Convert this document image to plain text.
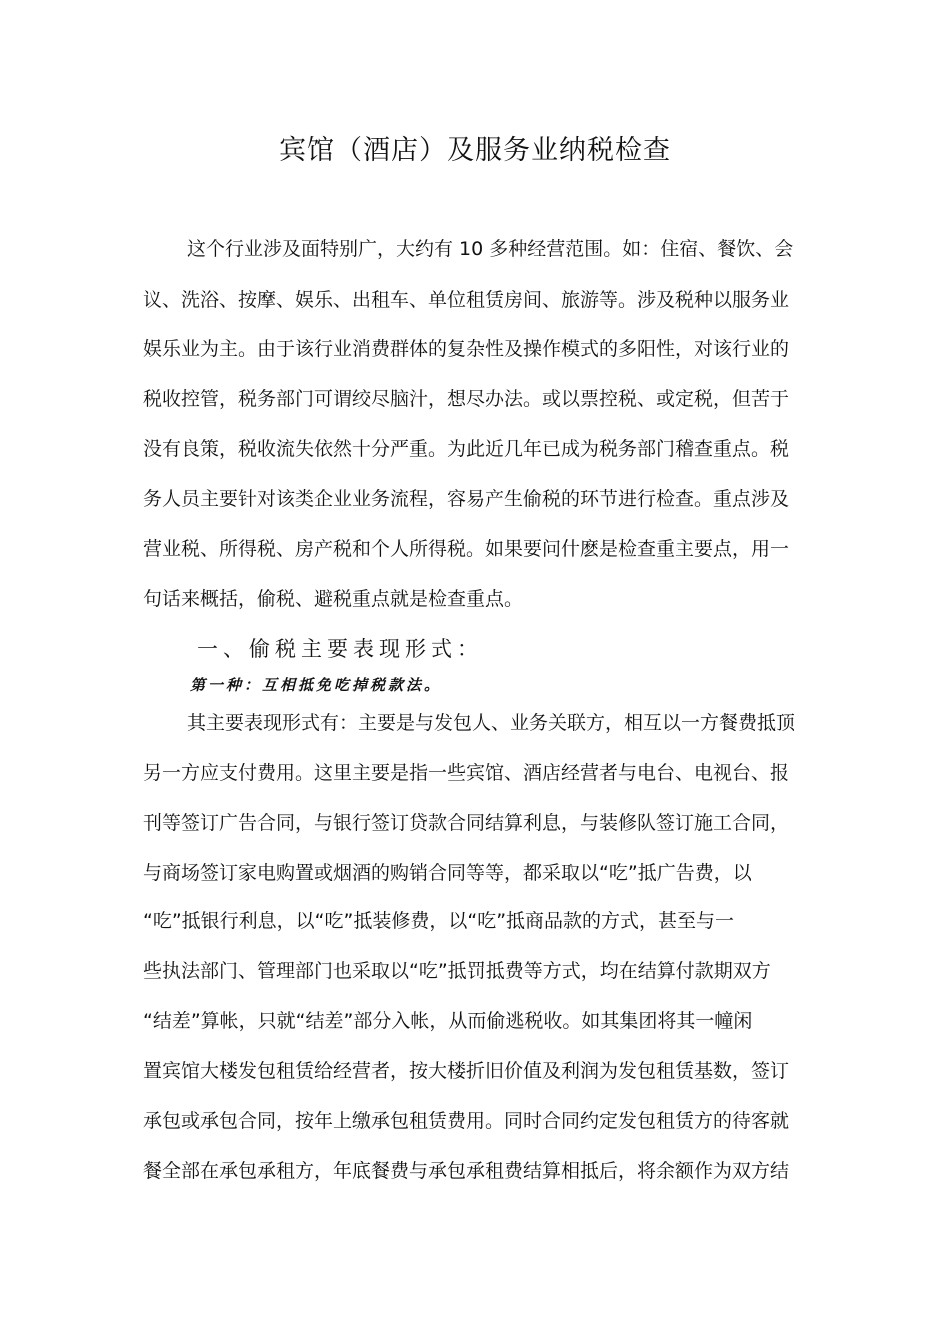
宾馆（酒店）及服务业纳税检查
这个行业涉及面特别广，大约有 10 多种经营范围。如：住宿、餐饮、会
议、洗浴、按摩、娱乐、出租车、单位租赁房间、旅游等。涉及税种以服务业
娱乐业为主。由于该行业消费群体的复杂性及操作模式的多阳性，对该行业的
税收控管，税务部门可谓绞尽脑汁，想尽办法。或以票控税、或定税，但苦于
没有良策，税收流失依然十分严重。为此近几年已成为税务部门稽查重点。税
务人员主要针对该类企业业务流程，容易产生偷税的环节进行检查。重点涉及
营业税、所得税、房产税和个人所得税。如果要问什麽是检查重主要点，用一
句话来概括，偷税、避税重点就是检查重点。
一、偷税主要表现形式：
第一种：互相抵免吃掉税款法。
其主要表现形式有：主要是与发包人、业务关联方，相互以一方餐费抵顶
另一方应支付费用。这里主要是指一些宾馆、酒店经营者与电台、电视台、报
刊等签订广告合同，与银行签订贷款合同结算利息，与装修队签订施工合同，
与商场签订家电购置或烟酒的购销合同等等，都采取以“吃”抵广告费，以
“吃”抵银行利息，以“吃”抵装修费，以“吃”抵商品款的方式，甚至与一
些执法部门、管理部门也采取以“吃”抵罚抵费等方式，均在结算付款期双方
“结差”算帐，只就“结差”部分入帐，从而偷逃税收。如其集团将其一幢闲
置宾馆大楼发包租赁给经营者，按大楼折旧价值及利润为发包租赁基数，签订
承包或承包合同，按年上缴承包租赁费用。同时合同约定发包租赁方的待客就
餐全部在承包承租方，年底餐费与承包承租费结算相抵后，将余额作为双方结
